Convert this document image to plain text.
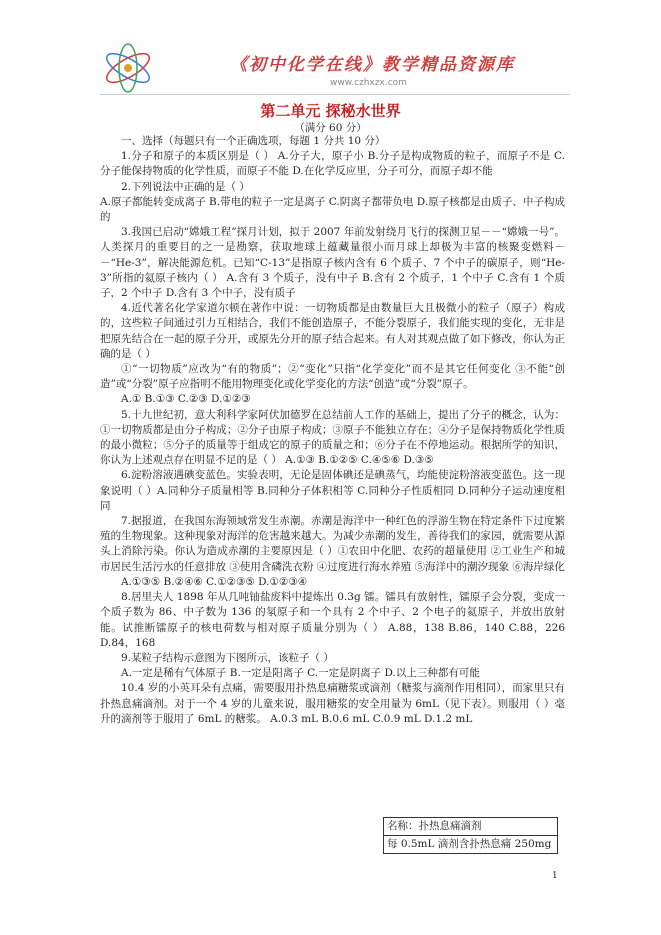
《初中化学在线》教学精品资源库
www.czhxzx.com
第二单元 探秘水世界
（满分 60 分）

一、选择（每题只有一个正确选项，每题 1 分共 10 分）

1.分子和原子的本质区别是（ ） A.分子大，原子小 B.分子是构成物质的粒子，而原子不是 C.分子能保持物质的化学性质，而原子不能 D.在化学反应里，分子可分，而原子却不能

2.下列说法中正确的是（ ）

A.原子都能转变成离子 B.带电的粒子一定是离子 C.阴离子都带负电 D.原子核都是由质子、中子构成的

3.我国已启动“嫦娥工程”探月计划，拟于 2007 年前发射绕月飞行的探测卫星－－“嫦娥一号”。人类探月的重要目的之一是勘察，获取地球上蕴藏量很小而月球上却极为丰富的核聚变燃料－－“He-3”，解决能源危机。已知“C-13”是指原子核内含有 6 个质子、7 个中子的碳原子，则“He-3”所指的氦原子核内（ ） A.含有 3 个质子，没有中子 B.含有 2 个质子，1 个中子 C.含有 1 个质子，2 个中子 D.含有 3 个中子，没有质子

4.近代著名化学家道尔顿在著作中说：一切物质都是由数量巨大且极微小的粒子（原子）构成的，这些粒子间通过引力互相结合，我们不能创造原子，不能分裂原子，我们能实现的变化，无非是把原先结合在一起的原子分开，或原先分开的原子结合起来。有人对其观点做了如下修改，你认为正确的是（ ）

①“一切物质”应改为“有的物质”；②“变化”只指“化学变化”而不是其它任何变化 ③不能“创造”或“分裂”原子应指明不能用物理变化或化学变化的方法“创造”或“分裂”原子。

A.① B.①③ C.②③ D.①②③

5.十九世纪初，意大利科学家阿伏加德罗在总结前人工作的基础上，提出了分子的概念，认为：①一切物质都是由分子构成；②分子由原子构成；③原子不能独立存在；④分子是保持物质化学性质的最小微粒；⑤分子的质量等于组成它的原子的质量之和；⑥分子在不停地运动。根据所学的知识，你认为上述观点存在明显不足的是（ ） A.①③ B.①②⑤ C.④⑤⑥ D.③⑤

6.淀粉溶液遇碘变蓝色。实验表明，无论是固体碘还是碘蒸气，均能使淀粉溶液变蓝色。这一现象说明（ ）A.同种分子质量相等 B.同种分子体积相等 C.同种分子性质相同 D.同种分子运动速度相同

7.据报道，在我国东海领域常发生赤潮。赤潮是海洋中一种红色的浮游生物在特定条件下过度繁殖的生物现象。这种现象对海洋的危害越来越大。为减少赤潮的发生，善待我们的家园，就需要从源头上消除污染。你认为造成赤潮的主要原因是（ ）①农田中化肥、农药的超量使用 ②工业生产和城市居民生活污水的任意排放 ③使用含磷洗衣粉 ④过度进行海水养殖 ⑤海洋中的潮汐现象 ⑥海岸绿化

A.①③⑤ B.②④⑥ C.①②③⑤ D.①②③④

8.居里夫人 1898 年从几吨铀盐废料中提炼出 0.3g 镭。镭具有放射性，镭原子会分裂，变成一个质子数为 86、中子数为 136 的氡原子和一个具有 2 个中子、2 个电子的氦原子，并放出放射能。试推断镭原子的核电荷数与相对原子质量分别为（ ） A.88，138 B.86，140 C.88，226 D.84，168

9.某粒子结构示意图为下图所示，该粒子（ ）

A.一定是稀有气体原子 B.一定是阳离子 C.一定是阴离子 D.以上三种都有可能

10.4 岁的小英耳朵有点痛，需要服用扑热息痛糖浆或滴剂（糖浆与滴剂作用相同），而家里只有扑热息痛滴剂。对于一个 4 岁的儿童来说，服用糖浆的安全用量为 6mL（见下表）。则服用（ ）毫升的滴剂等于服用了 6mL 的糖浆。 A.0.3 mL B.0.6 mL C.0.9 mL D.1.2 mL

名称：扑热息痛滴剂
每 0.5mL 滴剂含扑热息痛 250mg
1
